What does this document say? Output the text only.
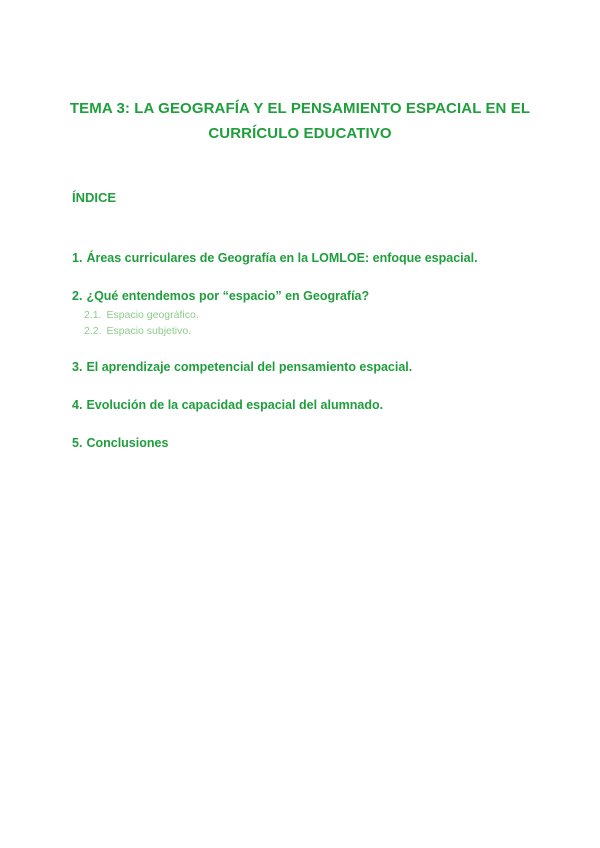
TEMA 3: LA GEOGRAFÍA Y EL PENSAMIENTO ESPACIAL EN EL
CURRÍCULO EDUCATIVO
ÍNDICE
1. Áreas curriculares de Geografía en la LOMLOE: enfoque espacial.
2. ¿Qué entendemos por “espacio” en Geografía?
2.1. Espacio geográfico.
2.2. Espacio subjetivo.
3. El aprendizaje competencial del pensamiento espacial.
4. Evolución de la capacidad espacial del alumnado.
5. Conclusiones
